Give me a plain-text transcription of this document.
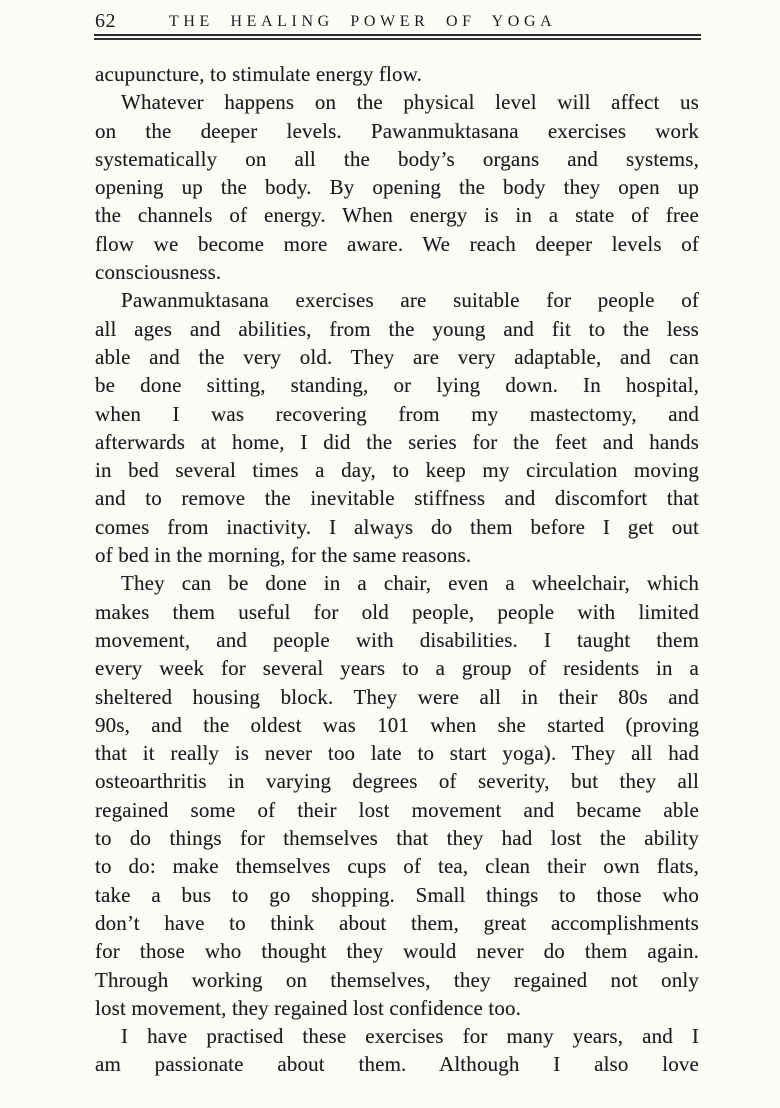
62	THE HEALING POWER OF YOGA
acupuncture, to stimulate energy flow.
Whatever happens on the physical level will affect us
on the deeper levels. Pawanmuktasana exercises work
systematically on all the body’s organs and systems,
opening up the body. By opening the body they open up
the channels of energy. When energy is in a state of free
flow we become more aware. We reach deeper levels of
consciousness.
Pawanmuktasana exercises are suitable for people of
all ages and abilities, from the young and fit to the less
able and the very old. They are very adaptable, and can
be done sitting, standing, or lying down. In hospital,
when I was recovering from my mastectomy, and
afterwards at home, I did the series for the feet and hands
in bed several times a day, to keep my circulation moving
and to remove the inevitable stiffness and discomfort that
comes from inactivity. I always do them before I get out
of bed in the morning, for the same reasons.
They can be done in a chair, even a wheelchair, which
makes them useful for old people, people with limited
movement, and people with disabilities. I taught them
every week for several years to a group of residents in a
sheltered housing block. They were all in their 80s and
90s, and the oldest was 101 when she started (proving
that it really is never too late to start yoga). They all had
osteoarthritis in varying degrees of severity, but they all
regained some of their lost movement and became able
to do things for themselves that they had lost the ability
to do: make themselves cups of tea, clean their own flats,
take a bus to go shopping. Small things to those who
don’t have to think about them, great accomplishments
for those who thought they would never do them again.
Through working on themselves, they regained not only
lost movement, they regained lost confidence too.
I have practised these exercises for many years, and I
am passionate about them. Although I also love
